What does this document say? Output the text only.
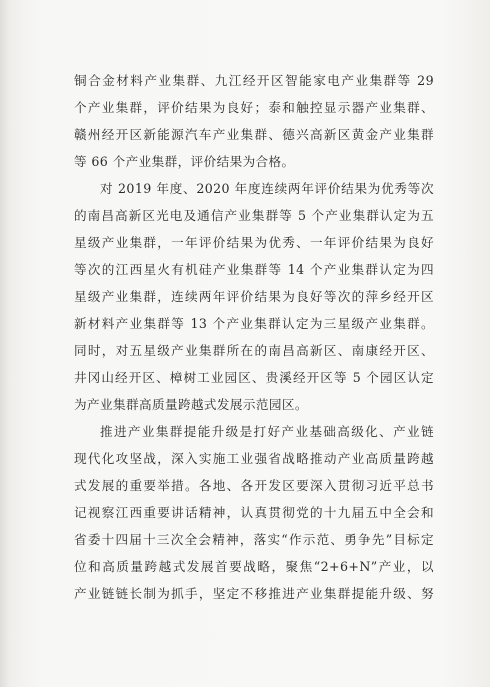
铜合金材料产业集群、九江经开区智能家电产业集群等 29
个产业集群，评价结果为良好；泰和触控显示器产业集群、
赣州经开区新能源汽车产业集群、德兴高新区黄金产业集群
等 66 个产业集群，评价结果为合格。
对 2019 年度、2020 年度连续两年评价结果为优秀等次
的南昌高新区光电及通信产业集群等 5 个产业集群认定为五
星级产业集群，一年评价结果为优秀、一年评价结果为良好
等次的江西星火有机硅产业集群等 14 个产业集群认定为四
星级产业集群，连续两年评价结果为良好等次的萍乡经开区
新材料产业集群等 13 个产业集群认定为三星级产业集群。
同时，对五星级产业集群所在的南昌高新区、南康经开区、
井冈山经开区、樟树工业园区、贵溪经开区等 5 个园区认定
为产业集群高质量跨越式发展示范园区。
推进产业集群提能升级是打好产业基础高级化、产业链
现代化攻坚战，深入实施工业强省战略推动产业高质量跨越
式发展的重要举措。各地、各开发区要深入贯彻习近平总书
记视察江西重要讲话精神，认真贯彻党的十九届五中全会和
省委十四届十三次全会精神，落实“作示范、勇争先”目标定
位和高质量跨越式发展首要战略，聚焦“2+6+N”产业，以
产业链链长制为抓手，坚定不移推进产业集群提能升级、努
